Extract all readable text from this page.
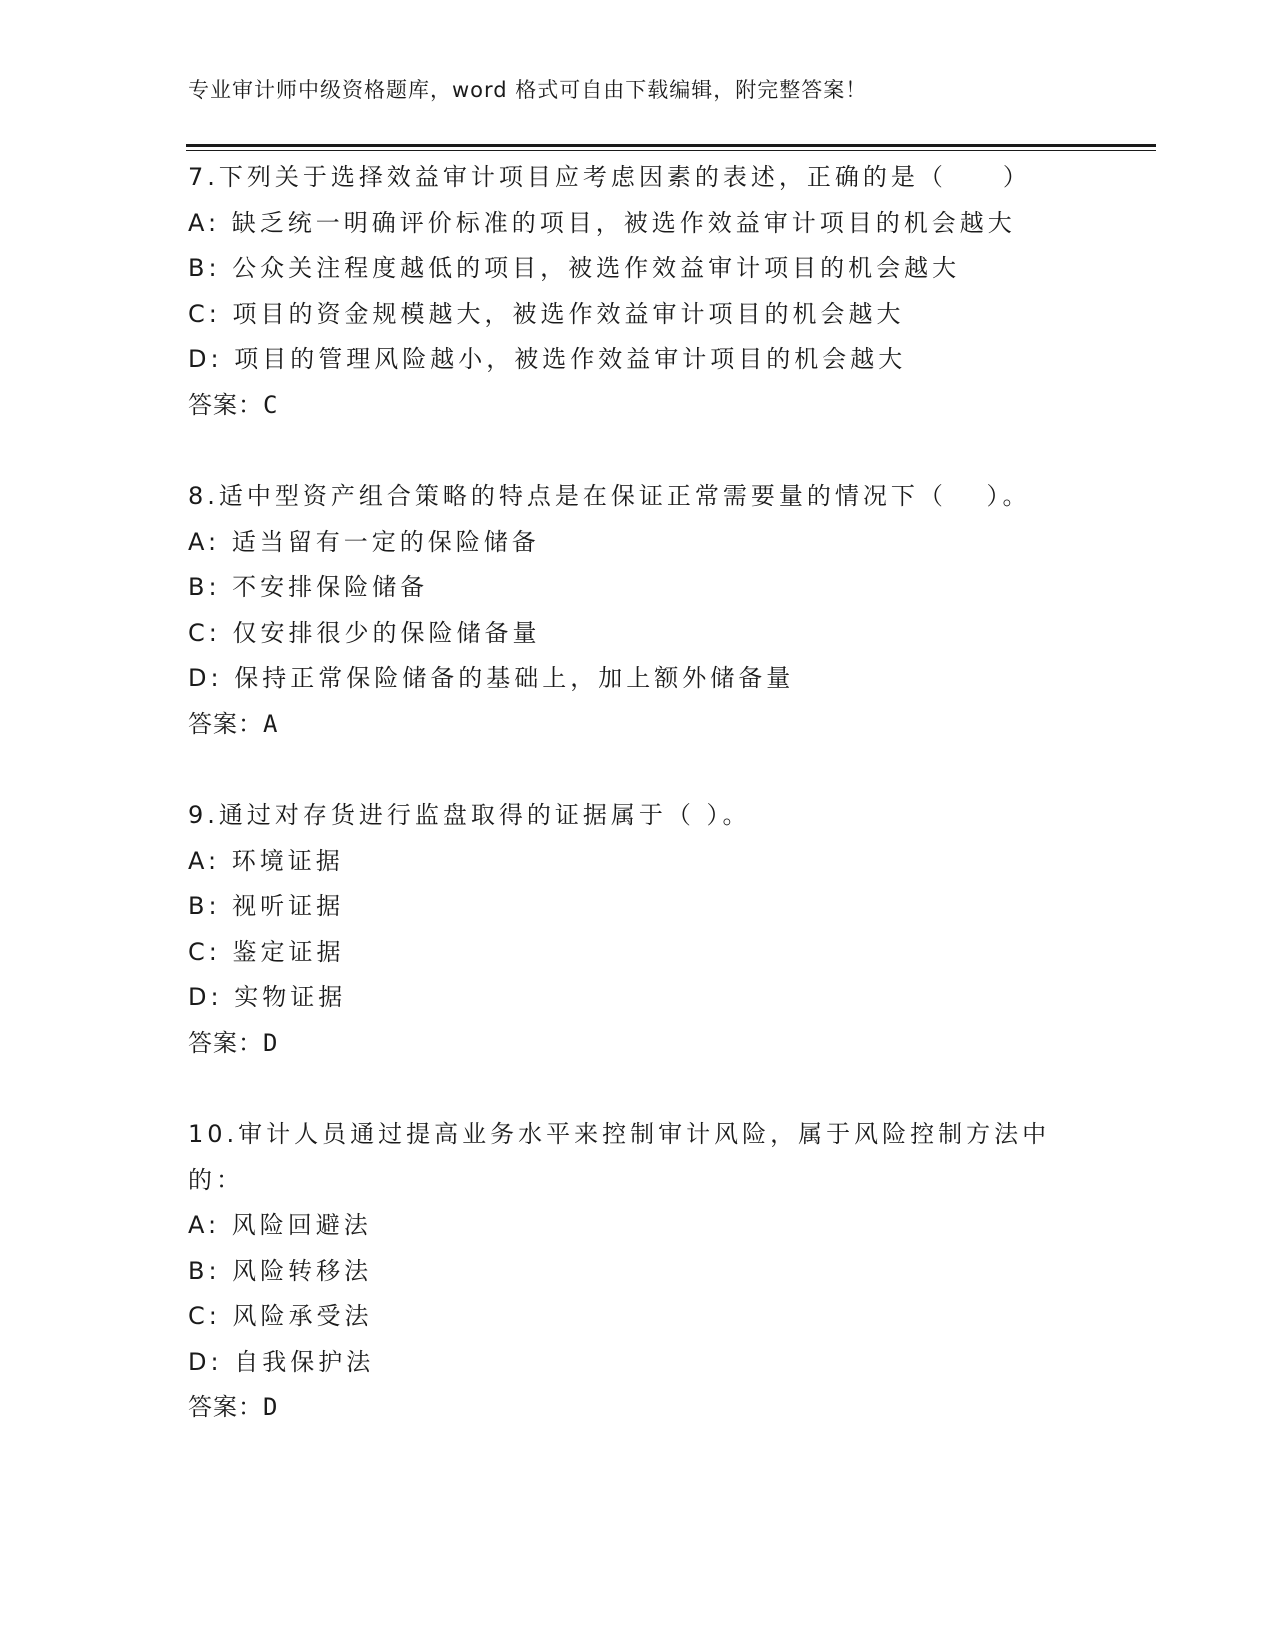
专业审计师中级资格题库，word 格式可自由下载编辑，附完整答案！
7.下列关于选择效益审计项目应考虑因素的表述，正确的是（　　）
A: 缺乏统一明确评价标准的项目，被选作效益审计项目的机会越大
B: 公众关注程度越低的项目，被选作效益审计项目的机会越大
C: 项目的资金规模越大，被选作效益审计项目的机会越大
D: 项目的管理风险越小，被选作效益审计项目的机会越大
答案：C
8.适中型资产组合策略的特点是在保证正常需要量的情况下（　 ）。
A: 适当留有一定的保险储备
B: 不安排保险储备
C: 仅安排很少的保险储备量
D: 保持正常保险储备的基础上，加上额外储备量
答案：A
9.通过对存货进行监盘取得的证据属于（ ）。
A: 环境证据
B: 视听证据
C: 鉴定证据
D: 实物证据
答案：D
10.审计人员通过提高业务水平来控制审计风险，属于风险控制方法中的：
A: 风险回避法
B: 风险转移法
C: 风险承受法
D: 自我保护法
答案：D
